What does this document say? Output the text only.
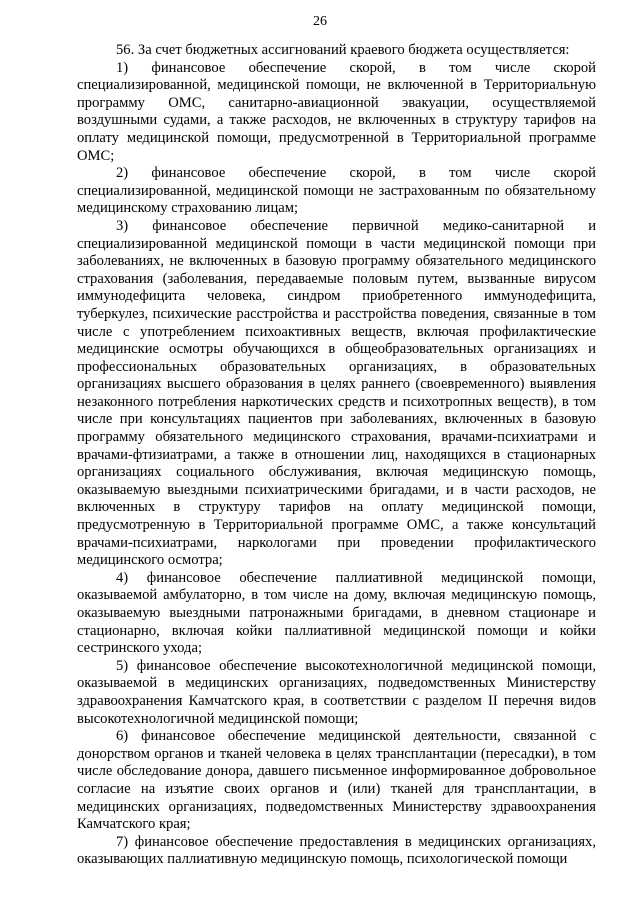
26

56. За счет бюджетных ассигнований краевого бюджета осуществляется:

1) финансовое обеспечение скорой, в том числе скорой специализированной, медицинской помощи, не включенной в Территориальную программу ОМС, санитарно-авиационной эвакуации, осуществляемой воздушными судами, а также расходов, не включенных в структуру тарифов на оплату медицинской помощи, предусмотренной в Территориальной программе ОМС;

2) финансовое обеспечение скорой, в том числе скорой специализированной, медицинской помощи не застрахованным по обязательному медицинскому страхованию лицам;

3) финансовое обеспечение первичной медико-санитарной и специализированной медицинской помощи в части медицинской помощи при заболеваниях, не включенных в базовую программу обязательного медицинского страхования (заболевания, передаваемые половым путем, вызванные вирусом иммунодефицита человека, синдром приобретенного иммунодефицита, туберкулез, психические расстройства и расстройства поведения, связанные в том числе с употреблением психоактивных веществ, включая профилактические медицинские осмотры обучающихся в общеобразовательных организациях и профессиональных образовательных организациях, в образовательных организациях высшего образования в целях раннего (своевременного) выявления незаконного потребления наркотических средств и психотропных веществ), в том числе при консультациях пациентов при заболеваниях, включенных в базовую программу обязательного медицинского страхования, врачами-психиатрами и врачами-фтизиатрами, а также в отношении лиц, находящихся в стационарных организациях социального обслуживания, включая медицинскую помощь, оказываемую выездными психиатрическими бригадами, и в части расходов, не включенных в структуру тарифов на оплату медицинской помощи, предусмотренную в Территориальной программе ОМС, а также консультаций врачами-психиатрами, наркологами при проведении профилактического медицинского осмотра;

4) финансовое обеспечение паллиативной медицинской помощи, оказываемой амбулаторно, в том числе на дому, включая медицинскую помощь, оказываемую выездными патронажными бригадами, в дневном стационаре и стационарно, включая койки паллиативной медицинской помощи и койки сестринского ухода;

5) финансовое обеспечение высокотехнологичной медицинской помощи, оказываемой в медицинских организациях, подведомственных Министерству здравоохранения Камчатского края, в соответствии с разделом II перечня видов высокотехнологичной медицинской помощи;

6) финансовое обеспечение медицинской деятельности, связанной с донорством органов и тканей человека в целях трансплантации (пересадки), в том числе обследование донора, давшего письменное информированное добровольное согласие на изъятие своих органов и (или) тканей для трансплантации, в медицинских организациях, подведомственных Министерству здравоохранения Камчатского края;

7) финансовое обеспечение предоставления в медицинских организациях, оказывающих паллиативную медицинскую помощь, психологической помощи
